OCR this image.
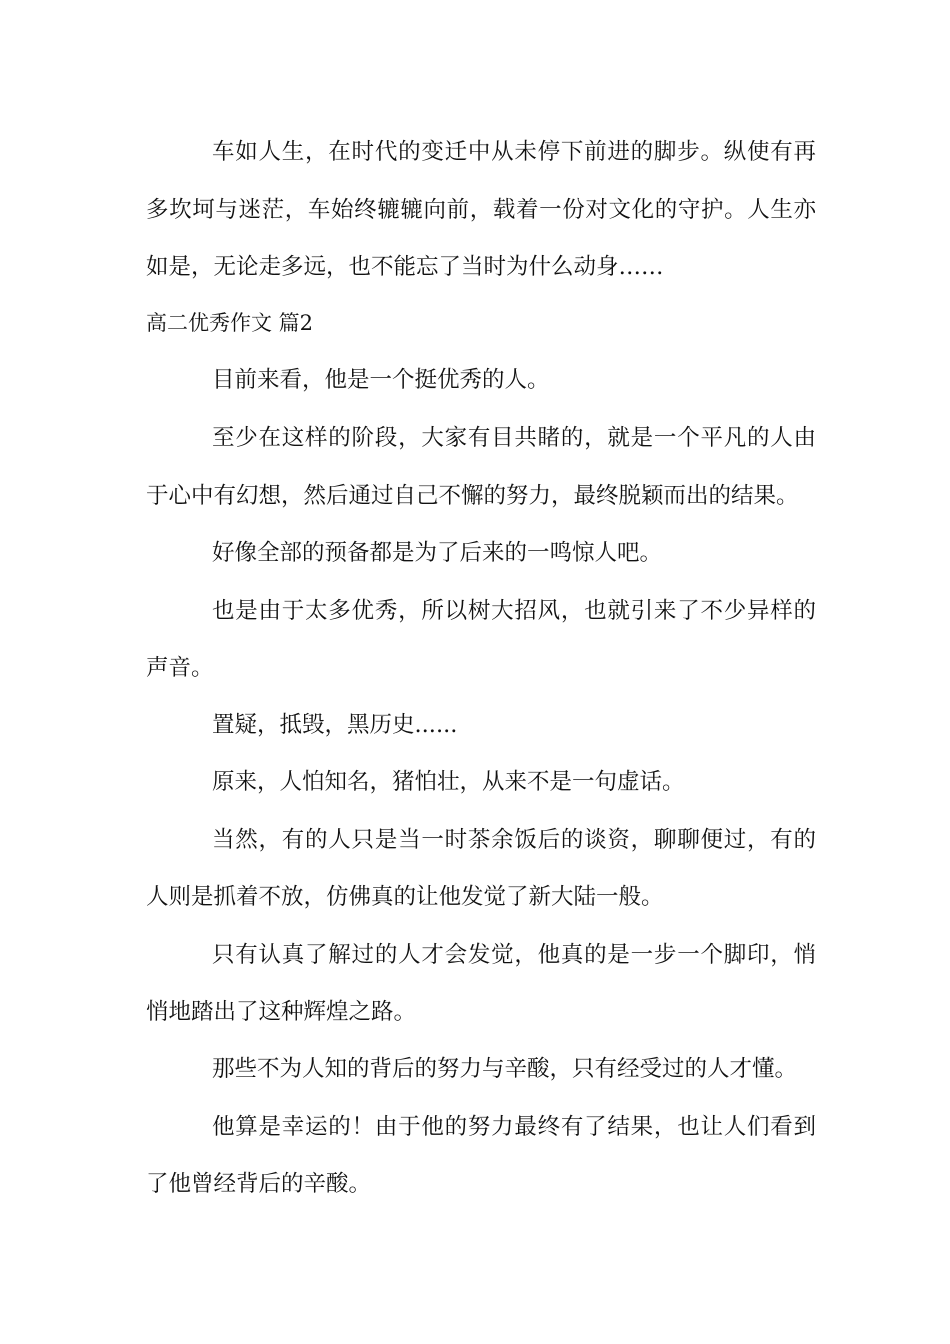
车如人生，在时代的变迁中从未停下前进的脚步。纵使有再
多坎坷与迷茫，车始终辘辘向前，载着一份对文化的守护。人生亦
如是，无论走多远，也不能忘了当时为什么动身……
高二优秀作文 篇2
目前来看，他是一个挺优秀的人。
至少在这样的阶段，大家有目共睹的，就是一个平凡的人由
于心中有幻想，然后通过自己不懈的努力，最终脱颖而出的结果。
好像全部的预备都是为了后来的一鸣惊人吧。
也是由于太多优秀，所以树大招风，也就引来了不少异样的
声音。
置疑，抵毁，黑历史......
原来，人怕知名，猪怕壮，从来不是一句虚话。
当然，有的人只是当一时茶余饭后的谈资，聊聊便过，有的
人则是抓着不放，仿佛真的让他发觉了新大陆一般。
只有认真了解过的人才会发觉，他真的是一步一个脚印，悄
悄地踏出了这种辉煌之路。
那些不为人知的背后的努力与辛酸，只有经受过的人才懂。
他算是幸运的！由于他的努力最终有了结果，也让人们看到
了他曾经背后的辛酸。
